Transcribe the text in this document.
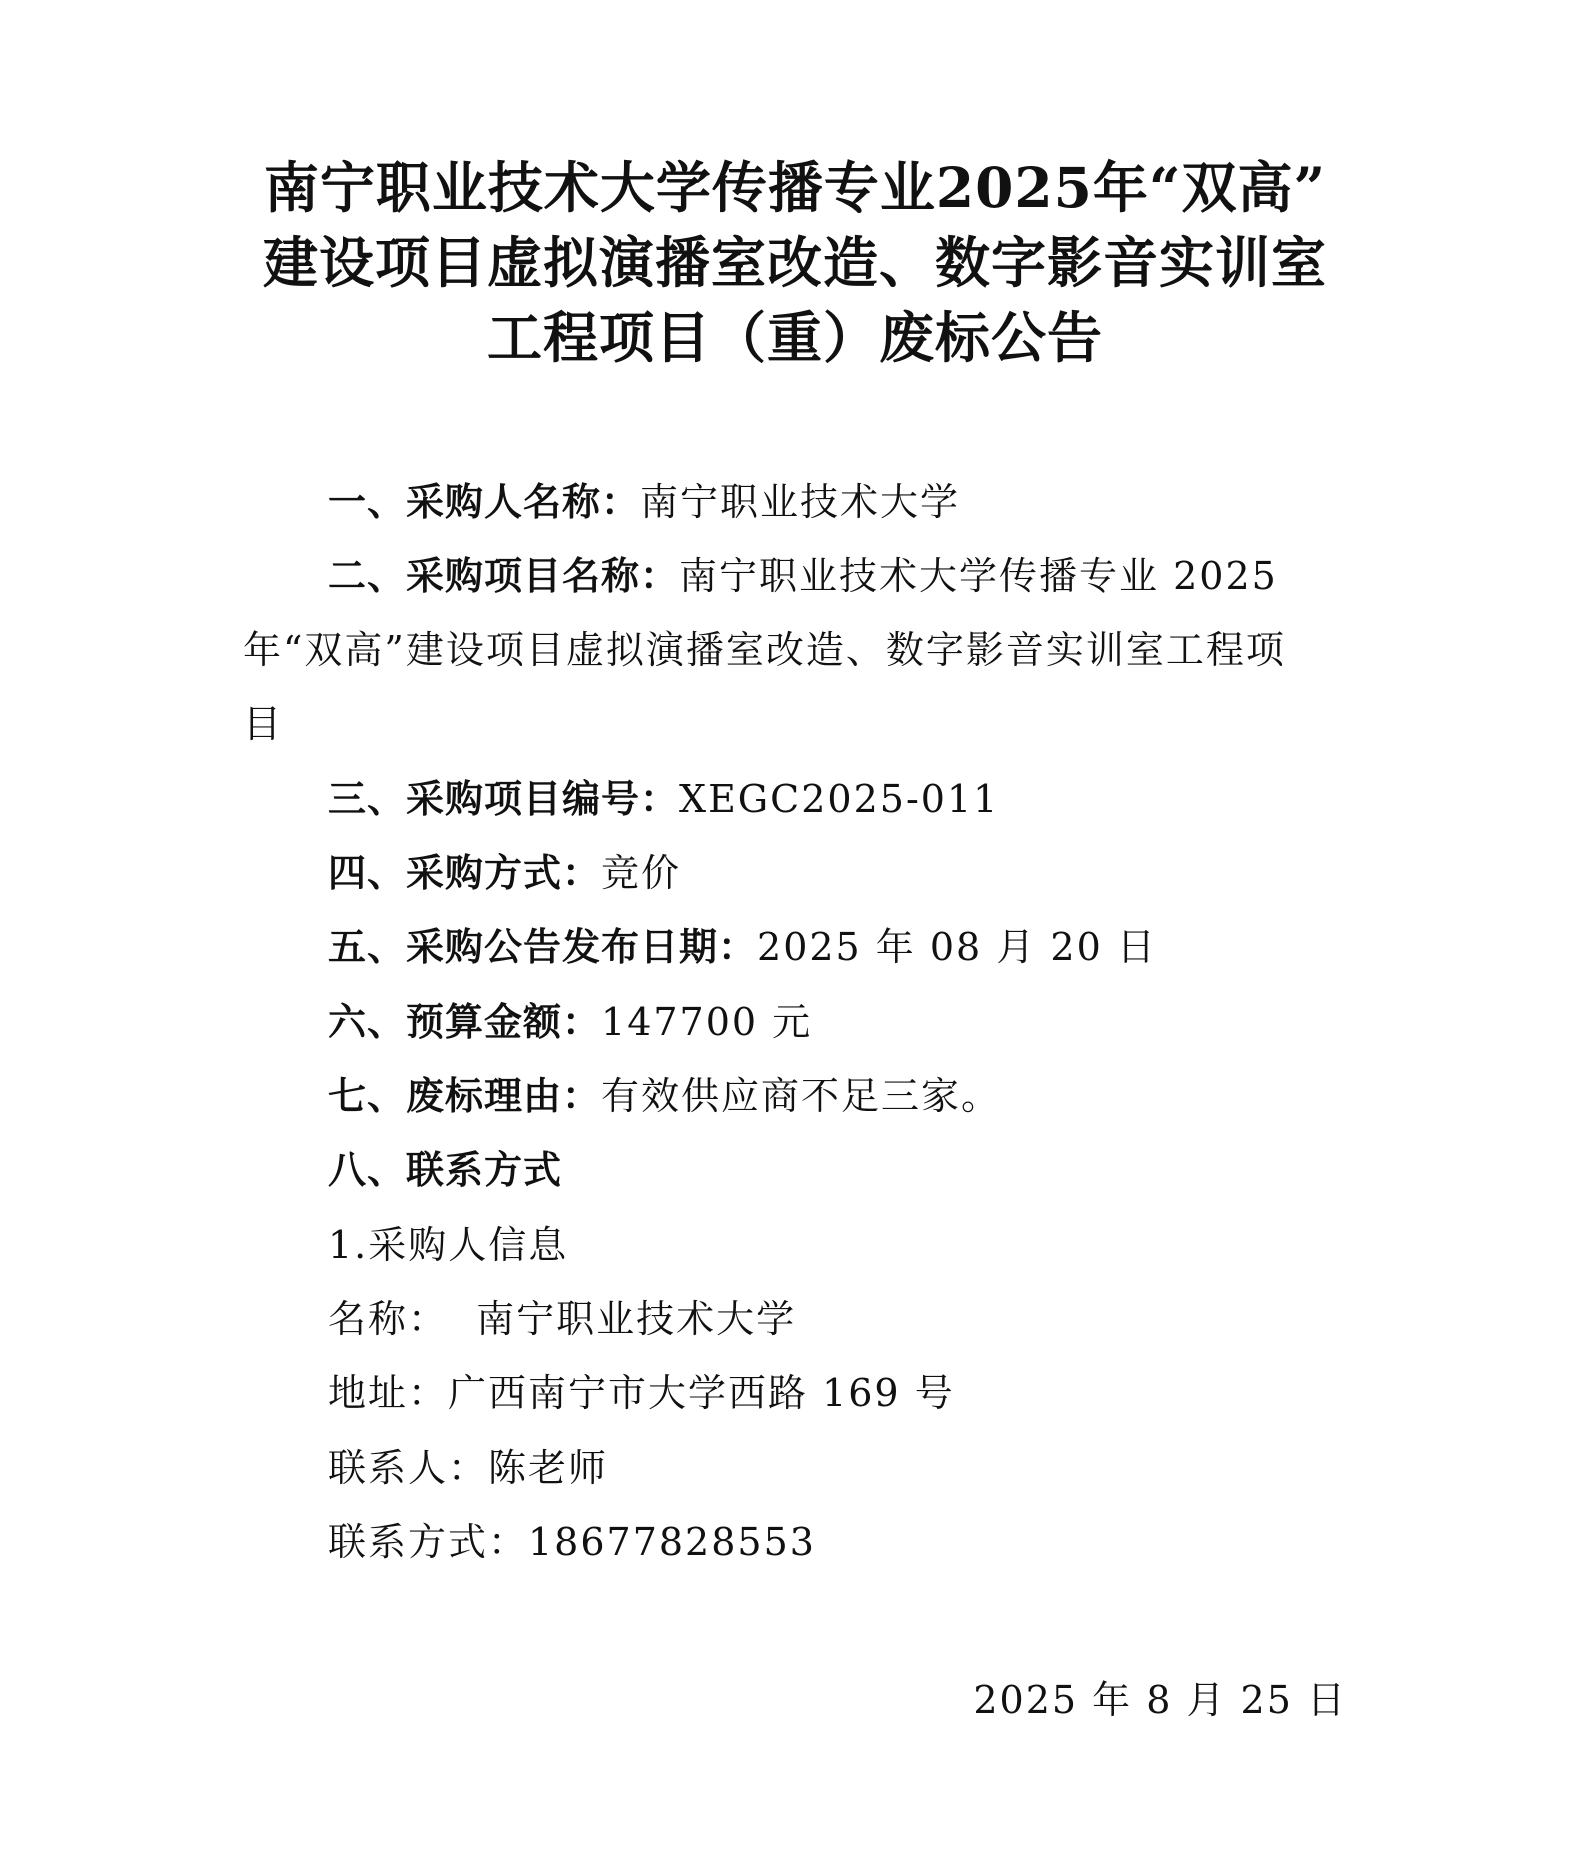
南宁职业技术大学传播专业2025年“双高”
建设项目虚拟演播室改造、数字影音实训室
工程项目（重）废标公告
一、采购人名称：南宁职业技术大学
二、采购项目名称：南宁职业技术大学传播专业 2025
年“双高”建设项目虚拟演播室改造、数字影音实训室工程项
目
三、采购项目编号：XEGC2025-011
四、采购方式：竞价
五、采购公告发布日期：2025 年 08 月 20 日
六、预算金额：147700 元
七、废标理由：有效供应商不足三家。
八、联系方式
1.采购人信息
名称：  南宁职业技术大学
地址：广西南宁市大学西路 169 号
联系人：陈老师
联系方式：18677828553
2025 年 8 月 25 日
